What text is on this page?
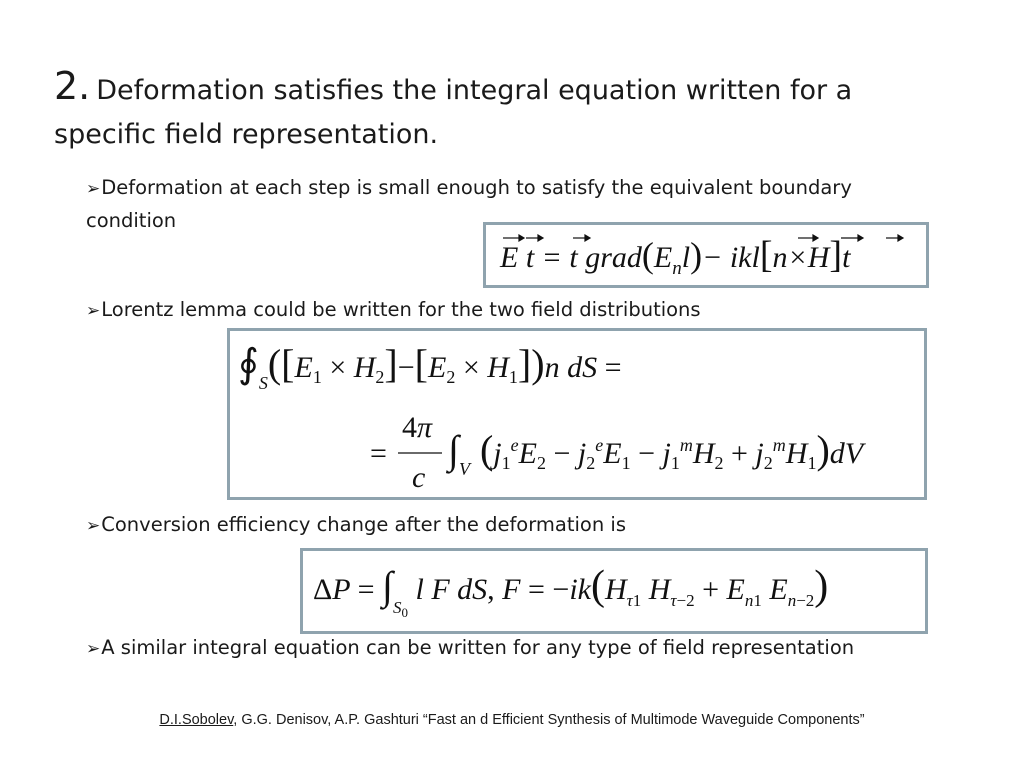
2. Deformation satisfies the integral equation written for a specific field representation.
➢Deformation at each step is small enough to satisfy the equivalent boundary condition
E t = t $grad(E_nl)- ikl[n\times H]t$
➢Lorentz lemma could be written for the two field distributions
$∮_S([E_1 \times H_2]-[E_2 \times H_1])n$ dS =
=
4π
c
$\int_V$ $(j_1^eE_2 - j_2^eE_1 - j_1^mH_2 + j_2^mH_1)dV$
➢Conversion efficiency change after the deformation is
$\Delta P = \int_S0$ l F dS, $F = -ik(H_\tau 1$ $H_\tau-2 + E_n1$ $E_n-2$)
➢A similar integral equation can be written for any type of field representation
D.I.Sobolev, G.G. Denisov, A.P. Gashturi “Fast an d Efficient Synthesis of Multimode Waveguide Components”
